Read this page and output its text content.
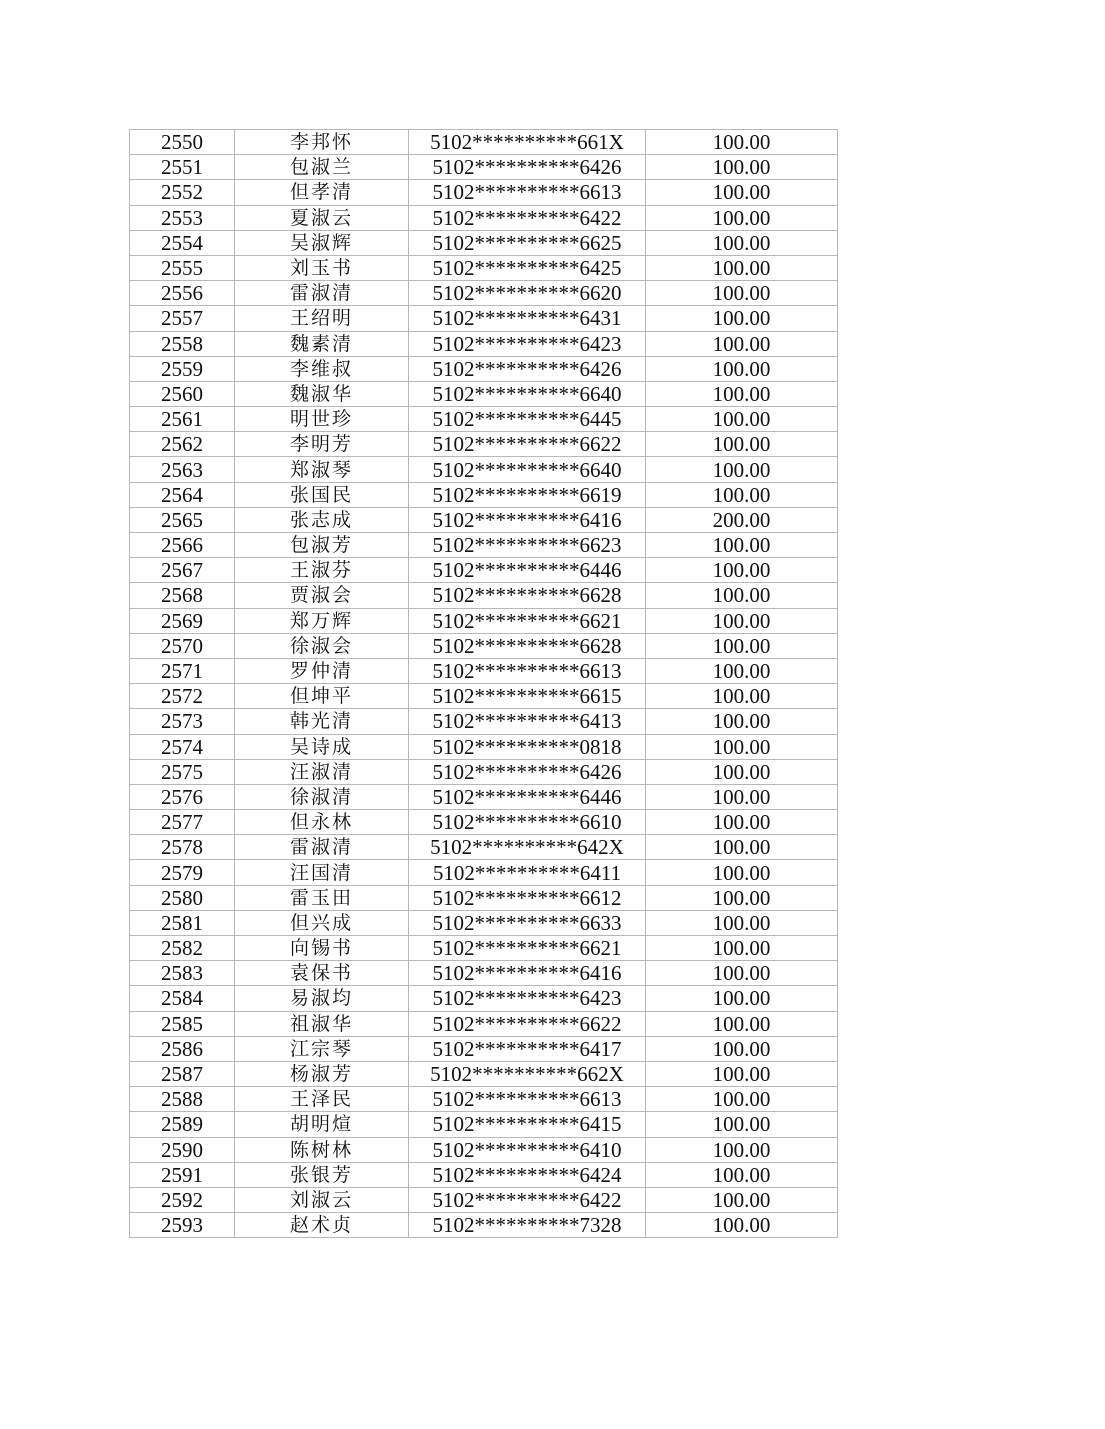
2550	李邦怀	5102**********661X	100.00
2551	包淑兰	5102**********6426	100.00
2552	但孝清	5102**********6613	100.00
2553	夏淑云	5102**********6422	100.00
2554	吴淑辉	5102**********6625	100.00
2555	刘玉书	5102**********6425	100.00
2556	雷淑清	5102**********6620	100.00
2557	王绍明	5102**********6431	100.00
2558	魏素清	5102**********6423	100.00
2559	李维叔	5102**********6426	100.00
2560	魏淑华	5102**********6640	100.00
2561	明世珍	5102**********6445	100.00
2562	李明芳	5102**********6622	100.00
2563	郑淑琴	5102**********6640	100.00
2564	张国民	5102**********6619	100.00
2565	张志成	5102**********6416	200.00
2566	包淑芳	5102**********6623	100.00
2567	王淑芬	5102**********6446	100.00
2568	贾淑会	5102**********6628	100.00
2569	郑万辉	5102**********6621	100.00
2570	徐淑会	5102**********6628	100.00
2571	罗仲清	5102**********6613	100.00
2572	但坤平	5102**********6615	100.00
2573	韩光清	5102**********6413	100.00
2574	吴诗成	5102**********0818	100.00
2575	汪淑清	5102**********6426	100.00
2576	徐淑清	5102**********6446	100.00
2577	但永林	5102**********6610	100.00
2578	雷淑清	5102**********642X	100.00
2579	汪国清	5102**********6411	100.00
2580	雷玉田	5102**********6612	100.00
2581	但兴成	5102**********6633	100.00
2582	向锡书	5102**********6621	100.00
2583	袁保书	5102**********6416	100.00
2584	易淑均	5102**********6423	100.00
2585	祖淑华	5102**********6622	100.00
2586	江宗琴	5102**********6417	100.00
2587	杨淑芳	5102**********662X	100.00
2588	王泽民	5102**********6613	100.00
2589	胡明煊	5102**********6415	100.00
2590	陈树林	5102**********6410	100.00
2591	张银芳	5102**********6424	100.00
2592	刘淑云	5102**********6422	100.00
2593	赵术贞	5102**********7328	100.00
